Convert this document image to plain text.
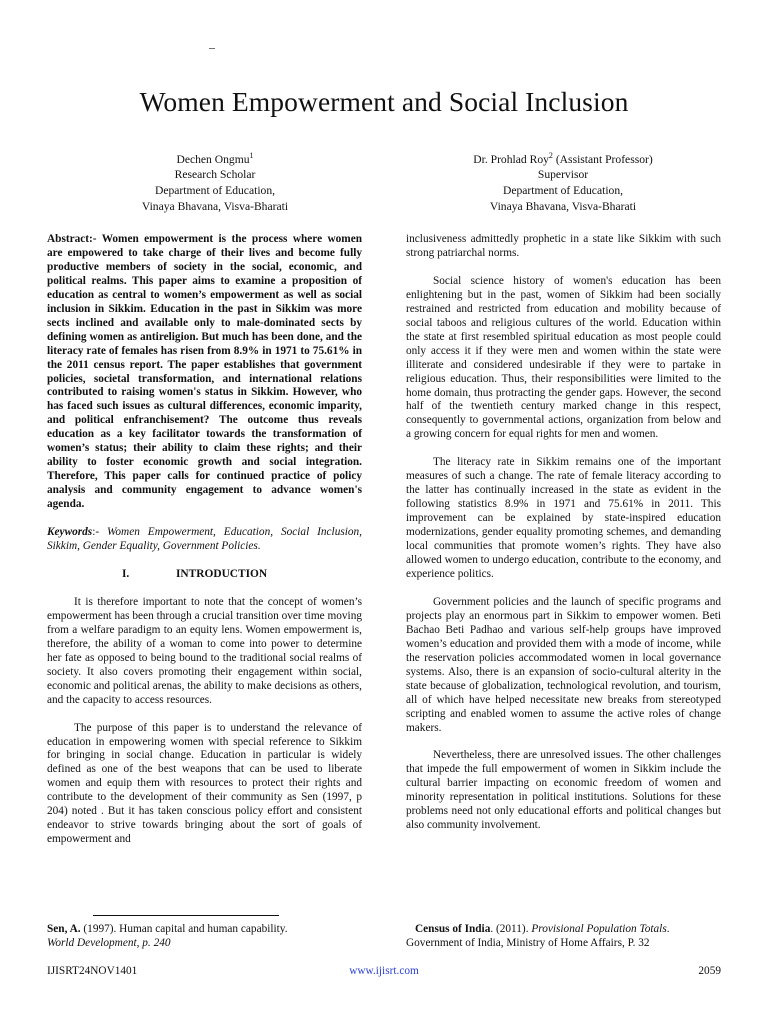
–
Women Empowerment and Social Inclusion
Dechen Ongmu$^1$
Research Scholar
Department of Education,
Vinaya Bhavana, Visva-Bharati
Dr. Prohlad Roy$^2$ (Assistant Professor)
Supervisor
Department of Education,
Vinaya Bhavana, Visva-Bharati

Abstract:- Women empowerment is the process where women are empowered to take charge of their lives and become fully productive members of society in the social, economic, and political realms. This paper aims to examine a proposition of education as central to women’s empowerment as well as social inclusion in Sikkim. Education in the past in Sikkim was more sects inclined and available only to male-dominated sects by defining women as antireligion. But much has been done, and the literacy rate of females has risen from 8.9% in 1971 to 75.61% in the 2011 census report. The paper establishes that government policies, societal transformation, and international relations contributed to raising women's status in Sikkim. However, who has faced such issues as cultural differences, economic imparity, and political enfranchisement? The outcome thus reveals education as a key facilitator towards the transformation of women’s status; their ability to claim these rights; and their ability to foster economic growth and social integration. Therefore, This paper calls for continued practice of policy analysis and community engagement to advance women's agenda.

Keywords:- Women Empowerment, Education, Social Inclusion, Sikkim, Gender Equality, Government Policies.

I.	INTRODUCTION

It is therefore important to note that the concept of women’s empowerment has been through a crucial transition over time moving from a welfare paradigm to an equity lens. Women empowerment is, therefore, the ability of a woman to come into power to determine her fate as opposed to being bound to the traditional social realms of society. It also covers promoting their engagement within social, economic and political arenas, the ability to make decisions as others, and the capacity to access resources.

The purpose of this paper is to understand the relevance of education in empowering women with special reference to Sikkim for bringing in social change. Education in particular is widely defined as one of the best weapons that can be used to liberate women and equip them with resources to protect their rights and contribute to the development of their community as Sen (1997, p 204) noted . But it has taken conscious policy effort and consistent endeavor to strive towards bringing about the sort of goals of empowerment and

inclusiveness admittedly prophetic in a state like Sikkim with such strong patriarchal norms.

Social science history of women's education has been enlightening but in the past, women of Sikkim had been socially restrained and restricted from education and mobility because of social taboos and religious cultures of the world. Education within the state at first resembled spiritual education as most people could only access it if they were men and women within the state were illiterate and considered undesirable if they were to partake in religious education. Thus, their responsibilities were limited to the home domain, thus protracting the gender gaps. However, the second half of the twentieth century marked change in this respect, consequently to governmental actions, organization from below and a growing concern for equal rights for men and women.

The literacy rate in Sikkim remains one of the important measures of such a change. The rate of female literacy according to the latter has continually increased in the state as evident in the following statistics 8.9% in 1971 and 75.61% in 2011. This improvement can be explained by state-inspired education modernizations, gender equality promoting schemes, and demanding local communities that promote women’s rights. They have also allowed women to undergo education, contribute to the economy, and experience politics.

Government policies and the launch of specific programs and projects play an enormous part in Sikkim to empower women. Beti Bachao Beti Padhao and various self-help groups have improved women’s education and provided them with a mode of income, while the reservation policies accommodated women in local governance systems. Also, there is an expansion of socio-cultural alterity in the state because of globalization, technological revolution, and tourism, all of which have helped necessitate new breaks from stereotyped scripting and enabled women to assume the active roles of change makers.

Nevertheless, there are unresolved issues. The other challenges that impede the full empowerment of women in Sikkim include the cultural barrier impacting on economic freedom of women and minority representation in political institutions. Solutions for these problems need not only educational efforts and political changes but also community involvement.

Sen, A. (1997). Human capital and human capability.
World Development, p. 240
Census of India. (2011). Provisional Population Totals.
Government of India, Ministry of Home Affairs, P. 32
IJISRT24NOV1401	www.ijisrt.com	2059
